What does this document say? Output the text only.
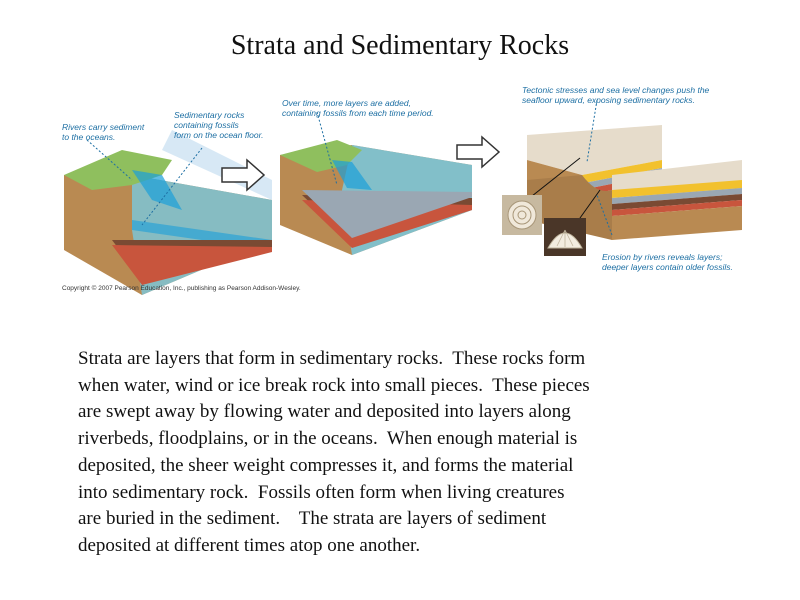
Strata and Sedimentary Rocks
Rivers carry sediment
to the oceans.
Sedimentary rocks
containing fossils
form on the ocean floor.
Over time, more layers are added,
containing fossils from each time period.
Tectonic stresses and sea level changes push the
seafloor upward, exposing sedimentary rocks.
Erosion by rivers reveals layers;
deeper layers contain older fossils.
Copyright © 2007 Pearson Education, Inc., publishing as Pearson Addison-Wesley.
Strata are layers that form in sedimentary rocks.  These rocks form
when water, wind or ice break rock into small pieces.  These pieces
are swept away by flowing water and deposited into layers along
riverbeds, floodplains, or in the oceans.  When enough material is
deposited, the sheer weight compresses it, and forms the material
into sedimentary rock.  Fossils often form when living creatures
are buried in the sediment.    The strata are layers of sediment
deposited at different times atop one another.
